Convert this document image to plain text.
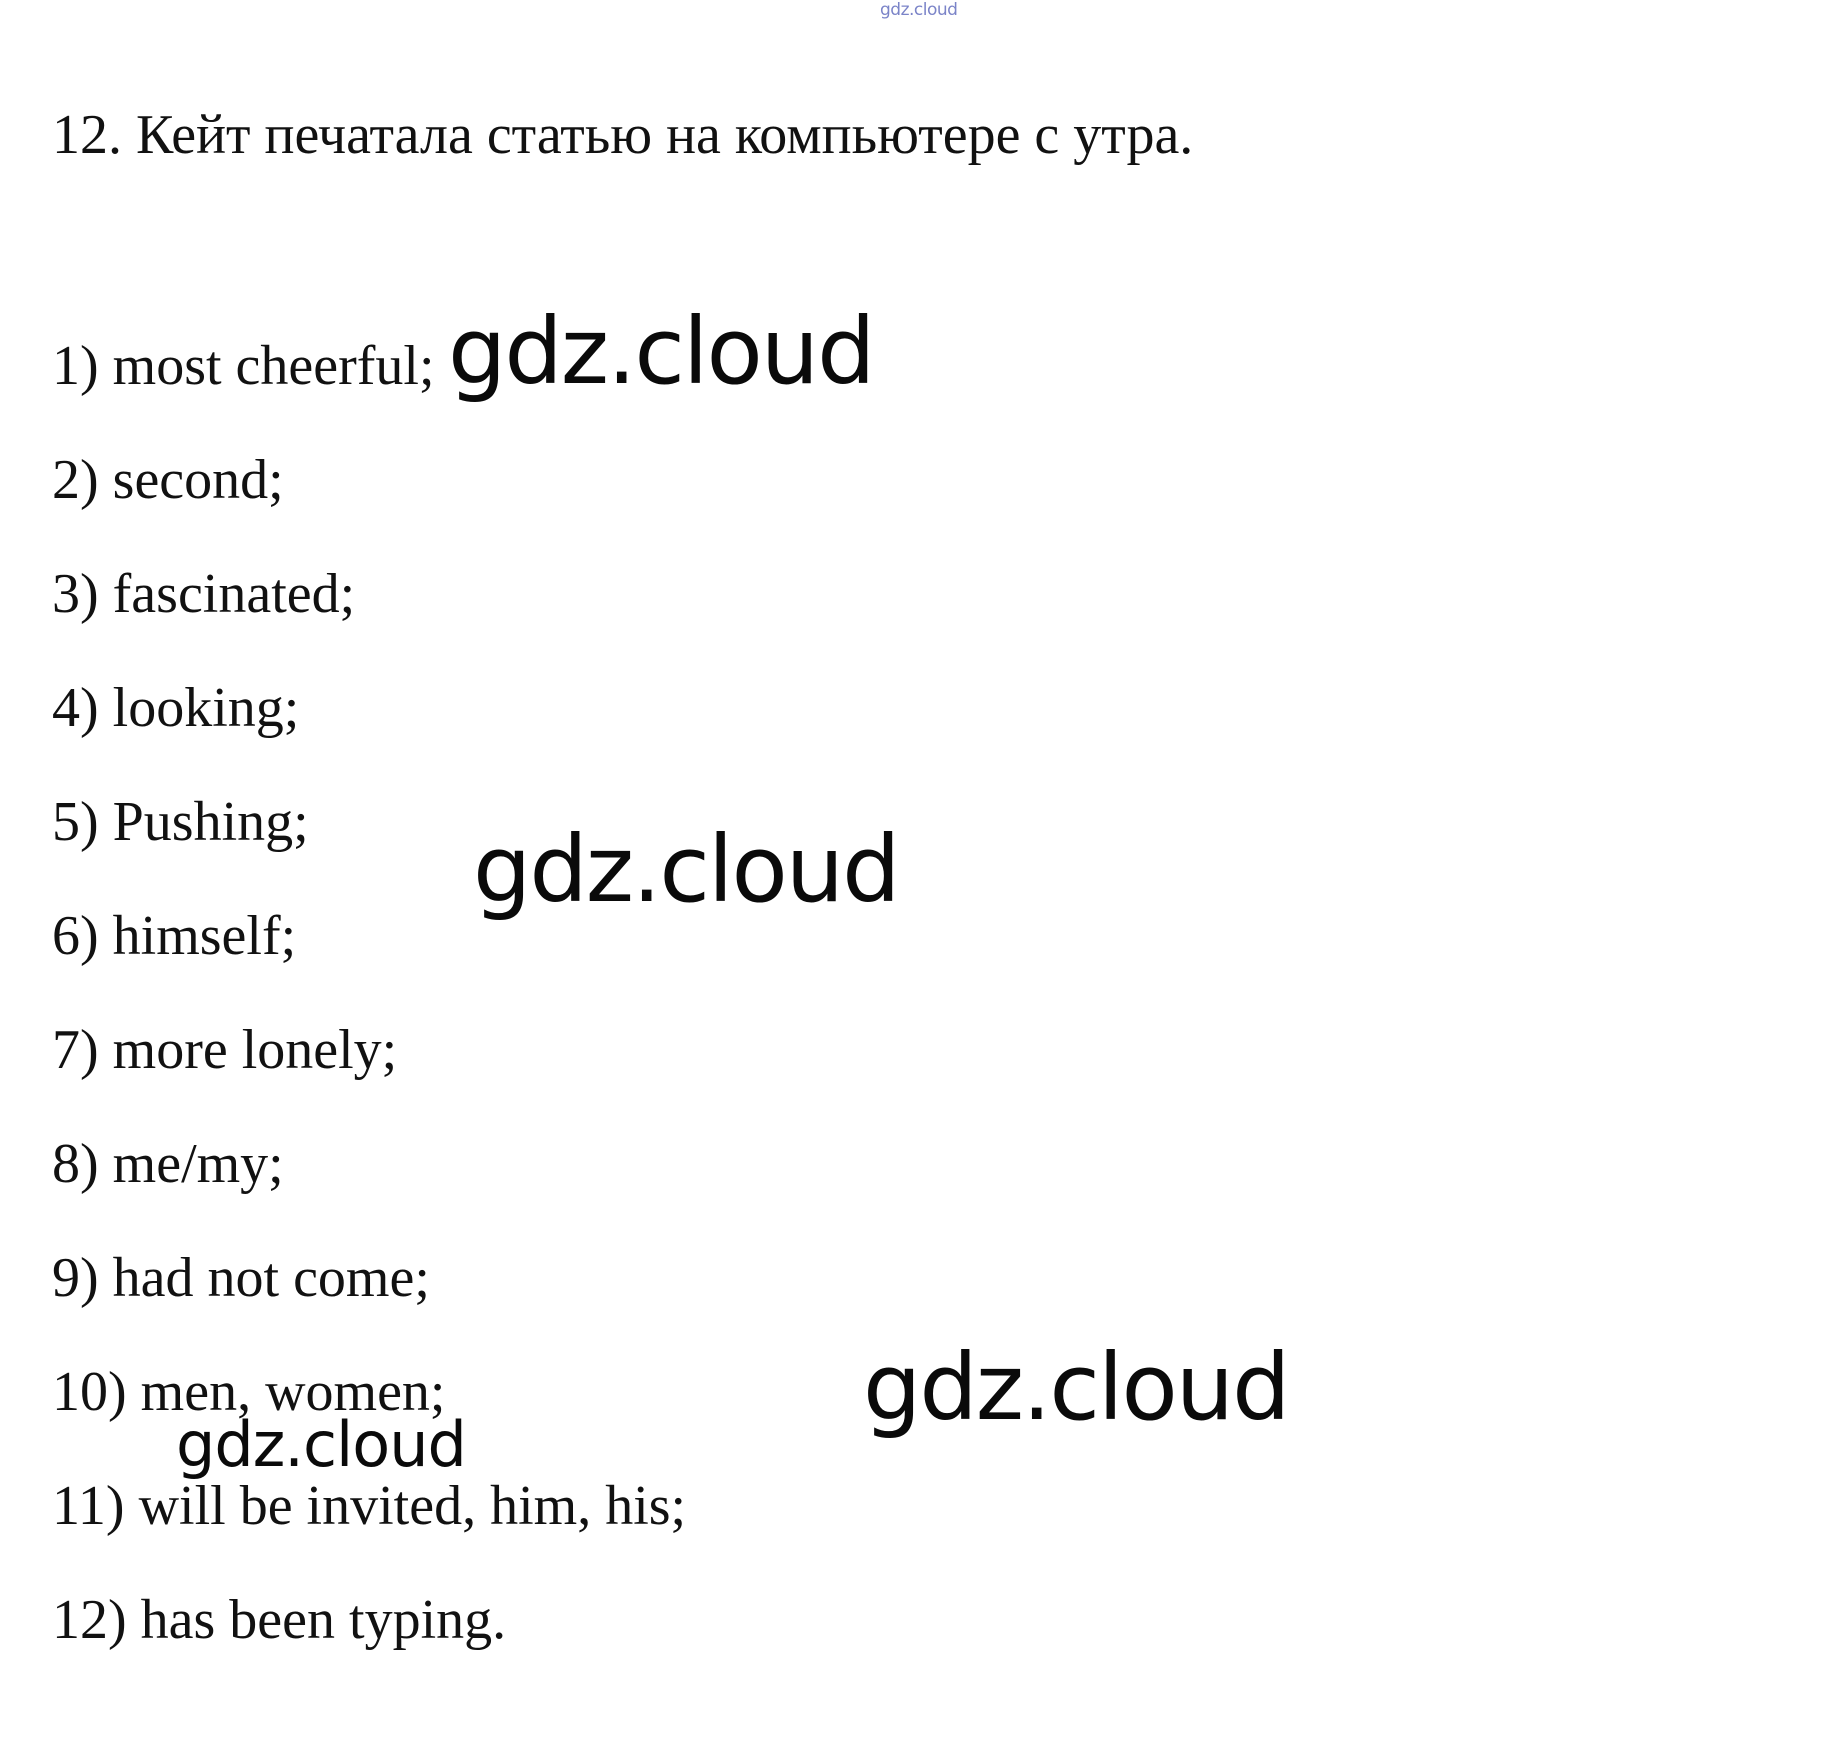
gdz.cloud
12. Кейт печатала статью на компьютере с утра.
1) most cheerful;
2) second;
3) fascinated;
4) looking;
5) Pushing;
6) himself;
7) more lonely;
8) me/my;
9) had not come;
10) men, women;
11) will be invited, him, his;
12) has been typing.
gdz.cloud
gdz.cloud
gdz.cloud
gdz.cloud
